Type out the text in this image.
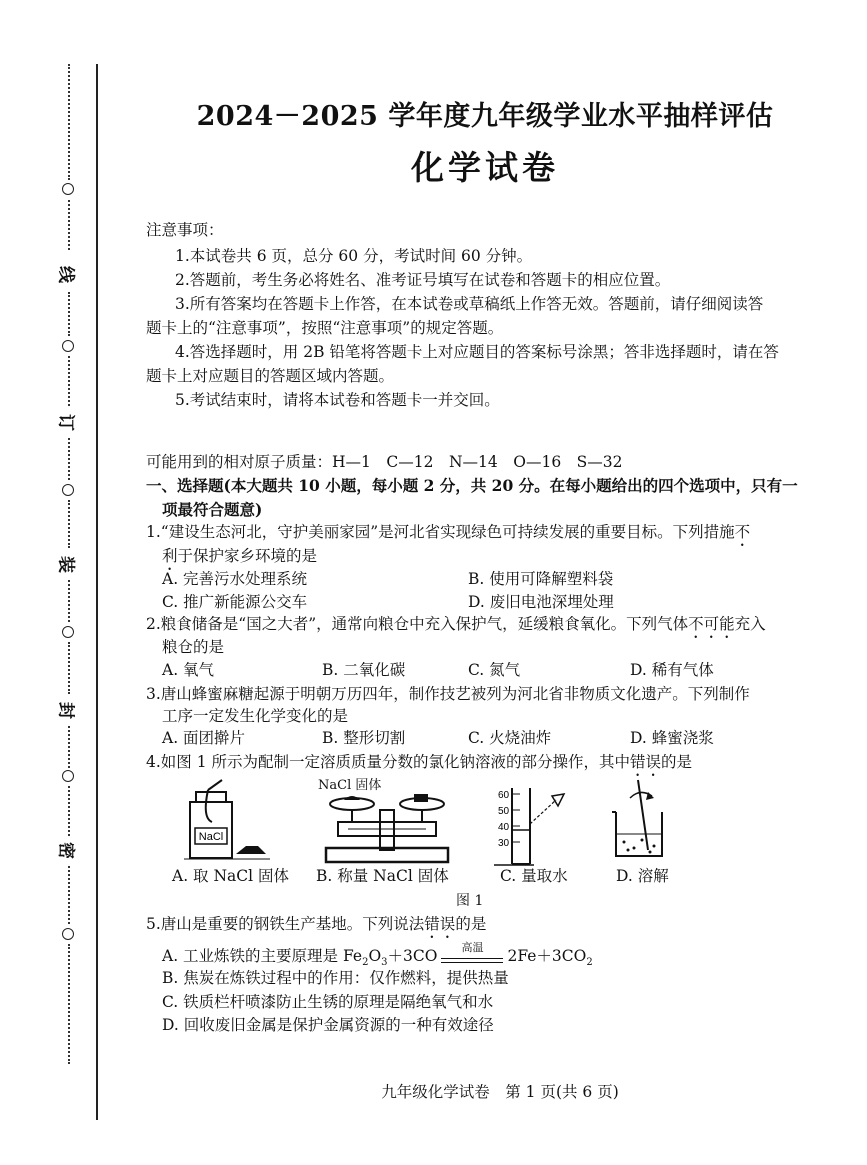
线
订
装
封
密
2024－2025 学年度九年级学业水平抽样评估
化学试卷
注意事项：
1.本试卷共 6 页，总分 60 分，考试时间 60 分钟。
2.答题前，考生务必将姓名、准考证号填写在试卷和答题卡的相应位置。
3.所有答案均在答题卡上作答，在本试卷或草稿纸上作答无效。答题前，请仔细阅读答
题卡上的“注意事项”，按照“注意事项”的规定答题。
4.答选择题时，用 2B 铅笔将答题卡上对应题目的答案标号涂黑；答非选择题时，请在答
题卡上对应题目的答题区域内答题。
5.考试结束时，请将本试卷和答题卡一并交回。
可能用到的相对原子质量：H—1　C—12　N—14　O—16　S—32
一、选择题(本大题共 10 小题，每小题 2 分，共 20 分。在每小题给出的四个选项中，只有一
项最符合题意)
1.“建设生态河北，守护美丽家园”是河北省实现绿色可持续发展的重要目标。下列措施不
利于保护家乡环境的是
A. 完善污水处理系统	B. 使用可降解塑料袋
C. 推广新能源公交车	D. 废旧电池深埋处理
2.粮食储备是“国之大者”，通常向粮仓中充入保护气，延缓粮食氧化。下列气体不可能充入
粮仓的是
A. 氧气	B. 二氧化碳	C. 氮气	D. 稀有气体
3.唐山蜂蜜麻糖起源于明朝万历四年，制作技艺被列为河北省非物质文化遗产。下列制作
工序一定发生化学变化的是
A. 面团擀片	B. 整形切割	C. 火烧油炸	D. 蜂蜜浇浆
4.如图 1 所示为配制一定溶质质量分数的氯化钠溶液的部分操作，其中错误的是
NaCl
NaCl 固体
60
50
40
30
A. 取 NaCl 固体 B. 称量 NaCl 固体	C. 量取水	D. 溶解
图 1
5.唐山是重要的钢铁生产基地。下列说法错误的是
A. 工业炼铁的主要原理是 $Fe_2O_3+3CO$	高温	$2Fe+3CO_2$
B. 焦炭在炼铁过程中的作用：仅作燃料，提供热量
C. 铁质栏杆喷漆防止生锈的原理是隔绝氧气和水
D. 回收废旧金属是保护金属资源的一种有效途径
九年级化学试卷　第 1 页(共 6 页)
